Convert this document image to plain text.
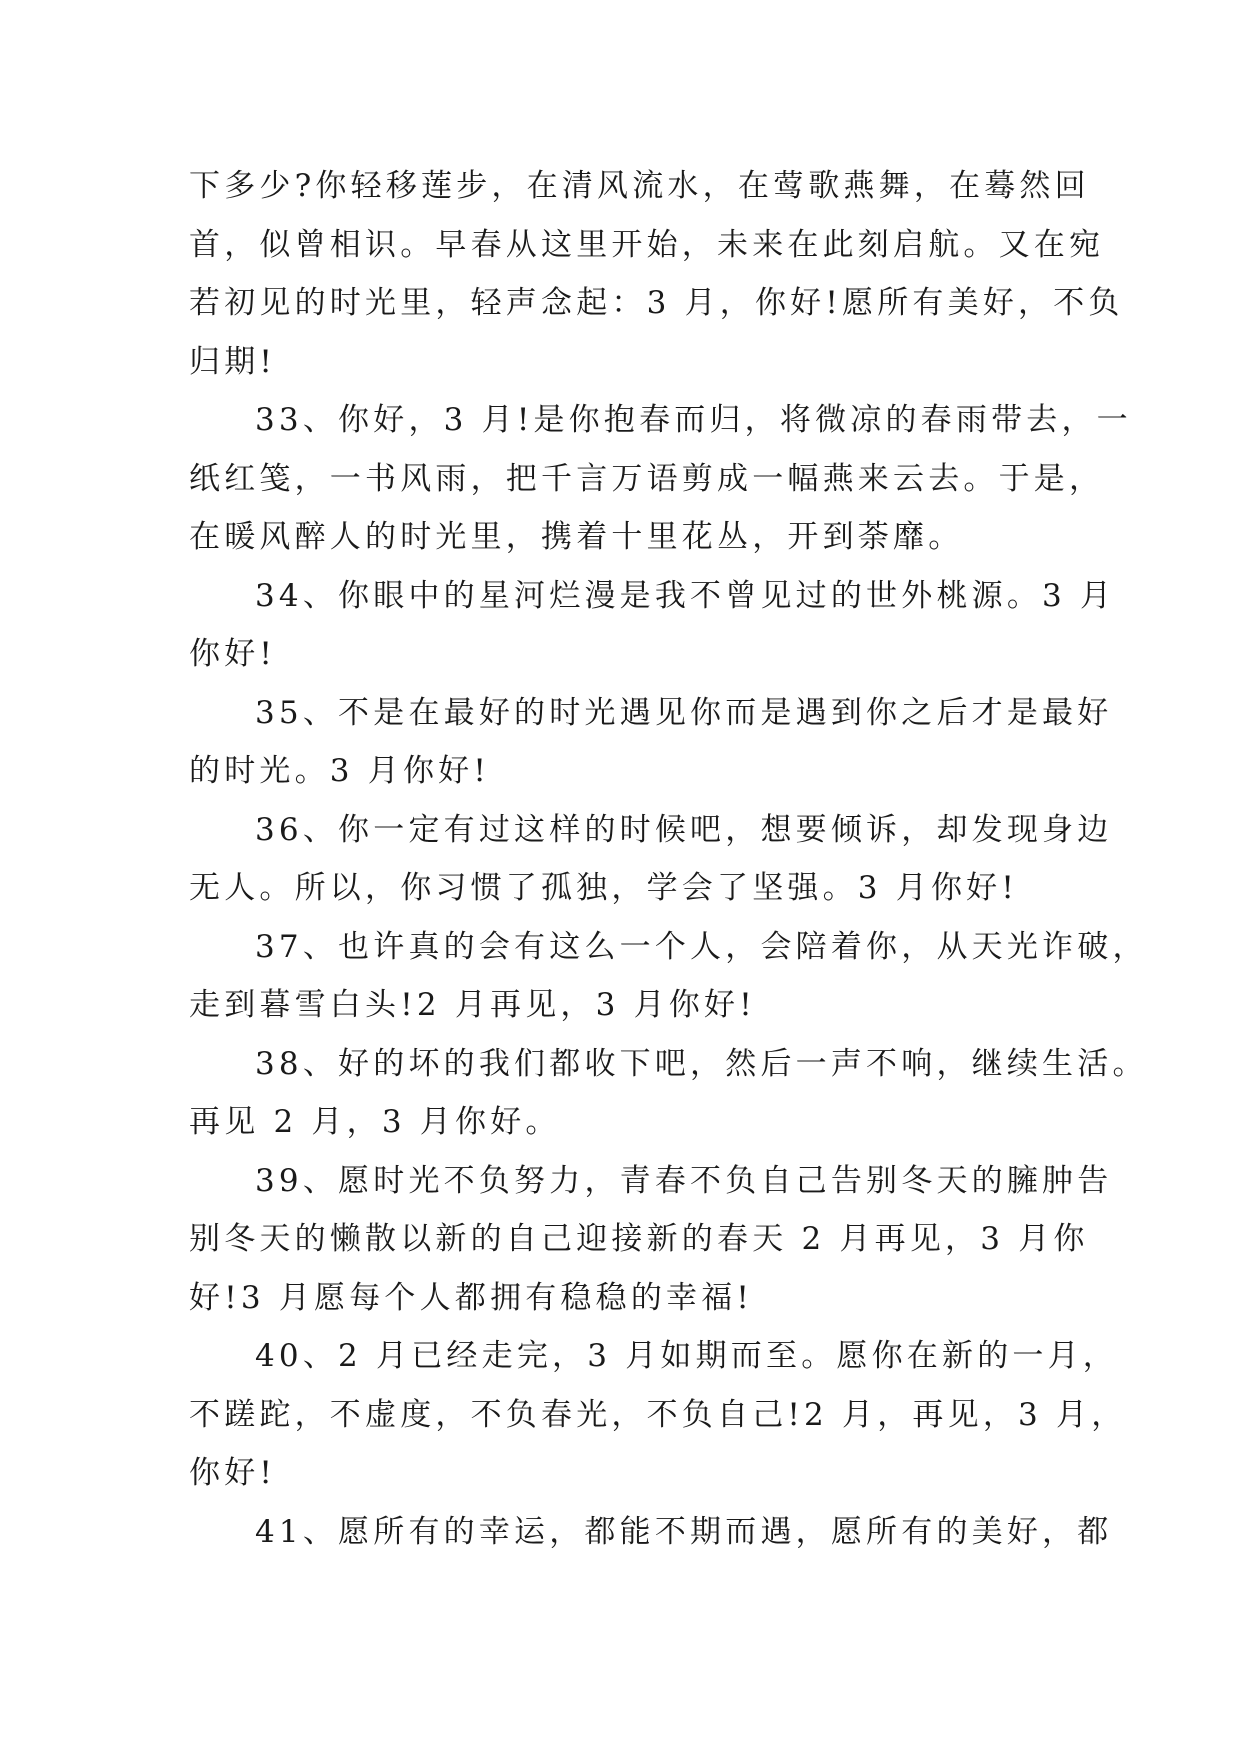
下多少?你轻移莲步，在清风流水，在莺歌燕舞，在蓦然回
首，似曾相识。早春从这里开始，未来在此刻启航。又在宛
若初见的时光里，轻声念起：3 月，你好!愿所有美好，不负
归期!

33、你好，3 月!是你抱春而归，将微凉的春雨带去，一
纸红笺，一书风雨，把千言万语剪成一幅燕来云去。于是，
在暖风醉人的时光里，携着十里花丛，开到荼靡。

34、你眼中的星河烂漫是我不曾见过的世外桃源。3 月
你好!

35、不是在最好的时光遇见你而是遇到你之后才是最好
的时光。3 月你好!

36、你一定有过这样的时候吧，想要倾诉，却发现身边
无人。所以，你习惯了孤独，学会了坚强。3 月你好!

37、也许真的会有这么一个人，会陪着你，从天光诈破，
走到暮雪白头!2 月再见，3 月你好!

38、好的坏的我们都收下吧，然后一声不响，继续生活。
再见 2 月，3 月你好。

39、愿时光不负努力，青春不负自己告别冬天的臃肿告
别冬天的懒散以新的自己迎接新的春天 2 月再见，3 月你
好!3 月愿每个人都拥有稳稳的幸福!

40、2 月已经走完，3 月如期而至。愿你在新的一月，
不蹉跎，不虚度，不负春光，不负自己!2 月，再见，3 月，
你好!

41、愿所有的幸运，都能不期而遇，愿所有的美好，都
